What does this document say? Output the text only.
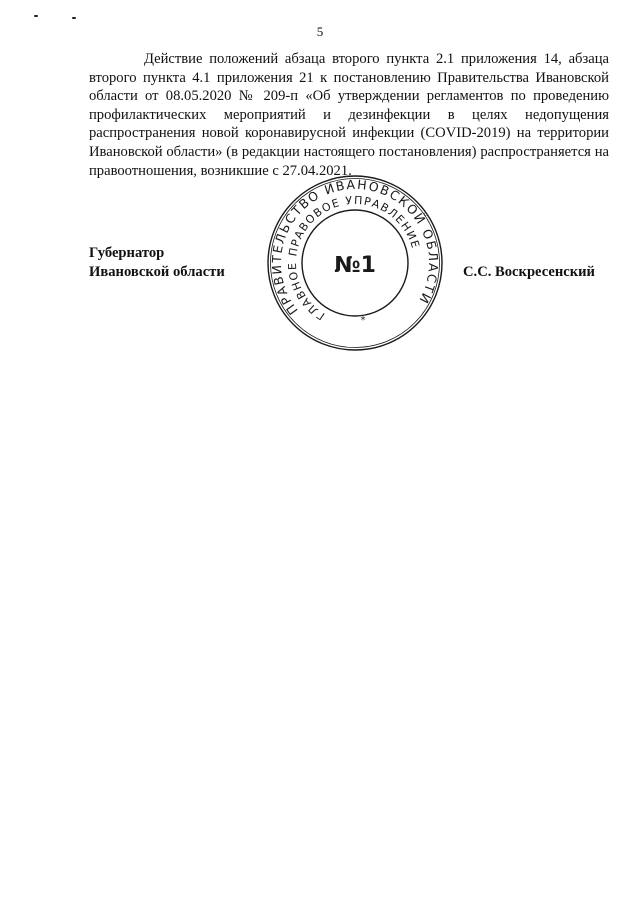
5

Действие положений абзаца второго пункта 2.1 приложения 14, абзаца второго пункта 4.1 приложения 21 к постановлению Правительства Ивановской области от 08.05.2020 № 209-п «Об утверждении регламентов по проведению профилактических мероприятий и дезинфекции в целях недопущения распространения новой коронавирусной инфекции (COVID-2019) на территории Ивановской области» (в редакции настоящего постановления) распространяется на правоотношения, возникшие с 27.04.2021.

Губернатор
Ивановской области
ПРАВИТЕЛЬСТВО ИВАНОВСКОЙ ОБЛАСТИ
ГЛАВНОЕ ПРАВОВОЕ УПРАВЛЕНИЕ
№1
*
С.С. Воскресенский
